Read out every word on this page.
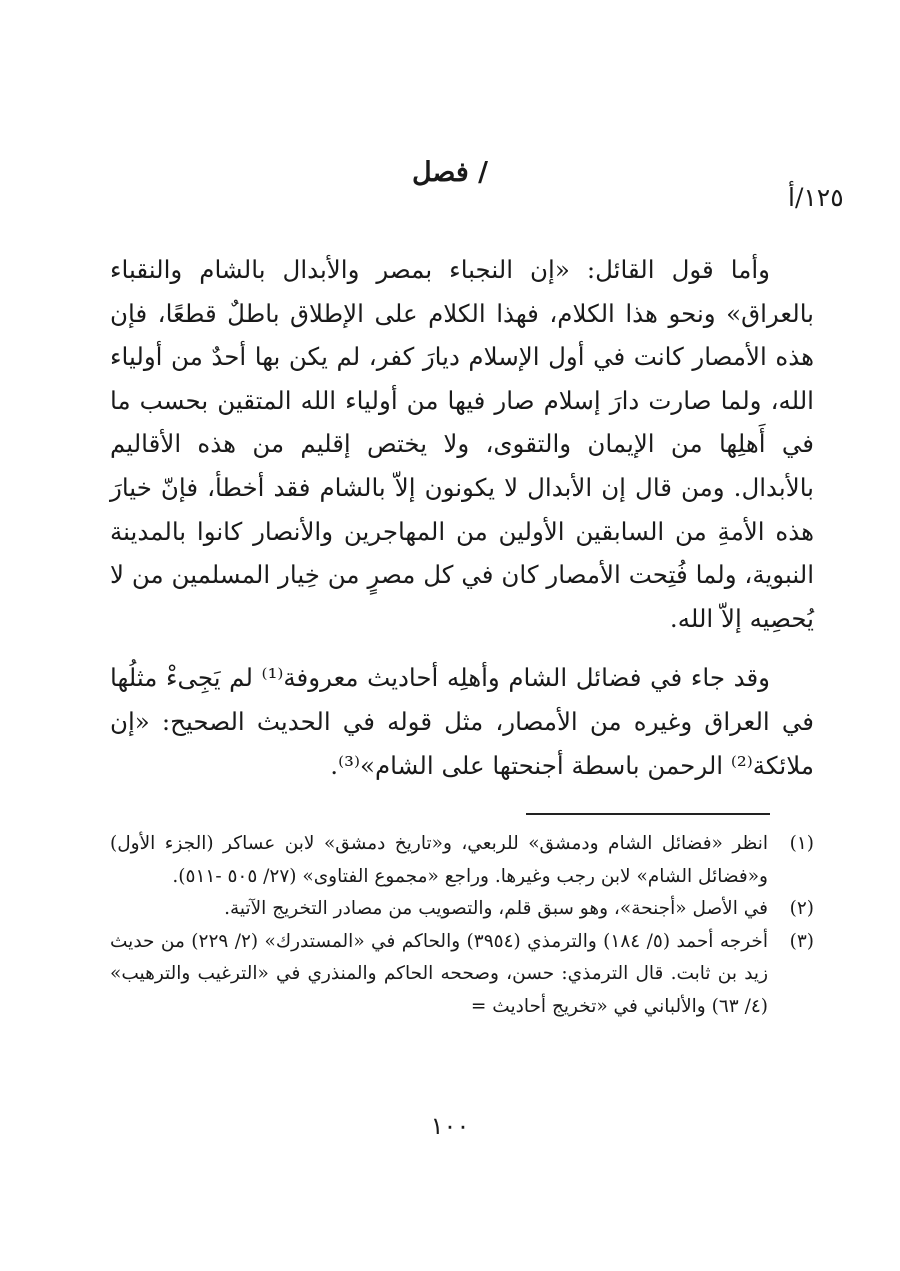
١٢٥/أ
/ فصل

وأما قول القائل: «إن النجباء بمصر والأبدال بالشام والنقباء بالعراق» ونحو هذا الكلام، فهذا الكلام على الإطلاق باطلٌ قطعًا، فإن هذه الأمصار كانت في أول الإسلام ديارَ كفر، لم يكن بها أحدٌ من أولياء الله، ولما صارت دارَ إسلام صار فيها من أولياء الله المتقين بحسب ما في أَهلِها من الإيمان والتقوى، ولا يختص إقليم من هذه الأقاليم بالأبدال. ومن قال إن الأبدال لا يكونون إلاّ بالشام فقد أخطأ، فإنّ خيارَ هذه الأمةِ من السابقين الأولين من المهاجرين والأنصار كانوا بالمدينة النبوية، ولما فُتِحت الأمصار كان في كل مصرٍ من خِيار المسلمين من لا يُحصِيه إلاّ الله.

وقد جاء في فضائل الشام وأهلِه أحاديث معروفة⁽¹⁾ لم يَجِىءْ مثلُها في العراق وغيره من الأمصار، مثل قوله في الحديث الصحيح: «إن ملائكة⁽²⁾ الرحمن باسطة أجنحتها على الشام»⁽³⁾.

(١)
انظر «فضائل الشام ودمشق» للربعي، و«تاريخ دمشق» لابن عساكر (الجزء الأول) و«فضائل الشام» لابن رجب وغيرها. وراجع «مجموع الفتاوى» (٢٧/ ٥٠٥ -٥١١).
(٢)
في الأصل «أجنحة»، وهو سبق قلم، والتصويب من مصادر التخريج الآتية.
(٣)
أخرجه أحمد (٥/ ١٨٤) والترمذي (٣٩٥٤) والحاكم في «المستدرك» (٢/ ٢٢٩) من حديث زيد بن ثابت. قال الترمذي: حسن، وصححه الحاكم والمنذري في «الترغيب والترهيب» (٤/ ٦٣) والألباني في «تخريج أحاديث =
١٠٠
